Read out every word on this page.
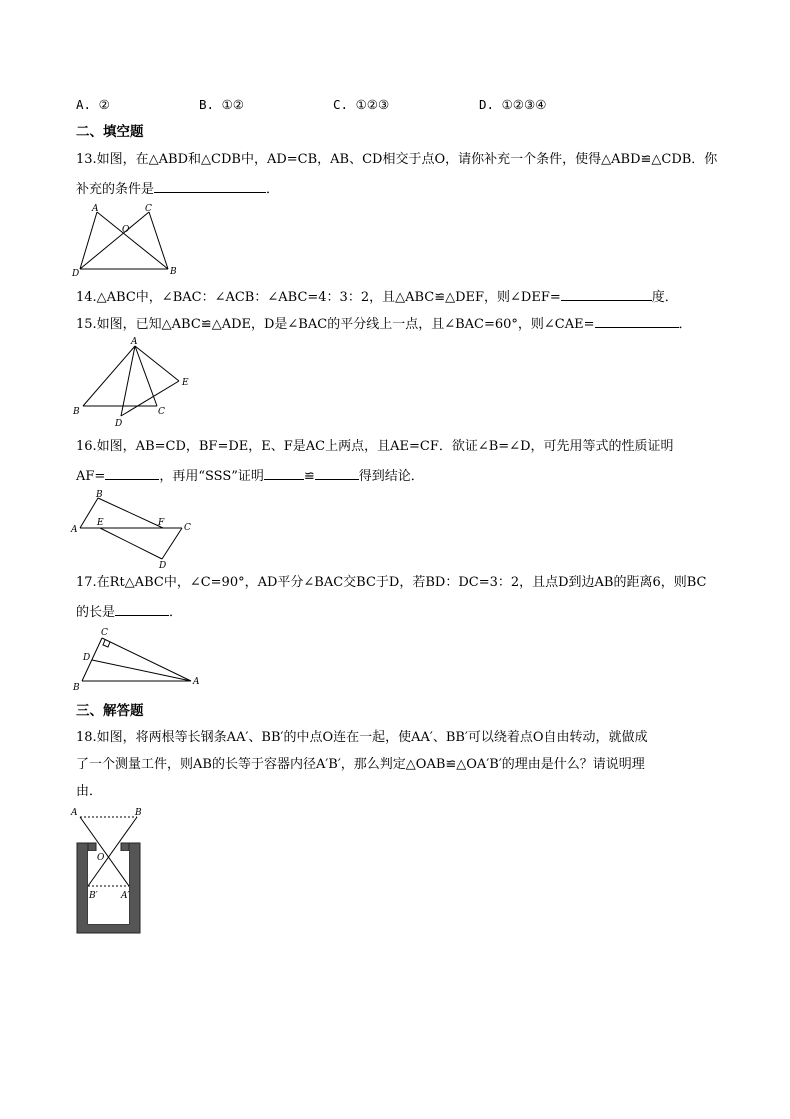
A. ②	B. ①②	C. ①②③	D. ①②③④
二、填空题
13.如图，在△ABD和△CDB中，AD=CB，AB、CD相交于点O，请你补充一个条件，使得△ABD≌△CDB．你
补充的条件是	．
A	C
O
D	B
14.△ABC中，∠BAC：∠ACB：∠ABC=4：3：2，且△ABC≌△DEF，则∠DEF=	度．
15.如图，已知△ABC≌△ADE，D是∠BAC的平分线上一点，且∠BAC=60°，则∠CAE=	．
A
E
B	C
D
16.如图，AB=CD，BF=DE，E、F是AC上两点，且AE=CF．欲证∠B=∠D，可先用等式的性质证明
AF=	，再用“SSS”证明	≌	得到结论．
B
A
E	F C
D
17.在Rt△ABC中，∠C=90°，AD平分∠BAC交BC于D，若BD：DC=3：2，且点D到边AB的距离6，则BC
的长是	．
C
D
B
A
三、解答题
18.如图，将两根等长钢条AA′、BB′的中点O连在一起，使AA′、BB′可以绕着点O自由转动，就做成
了一个测量工件，则AB的长等于容器内径A′B′，那么判定△OAB≌△OA′B′的理由是什么？请说明理
由．
A	B
O
B′	A′
